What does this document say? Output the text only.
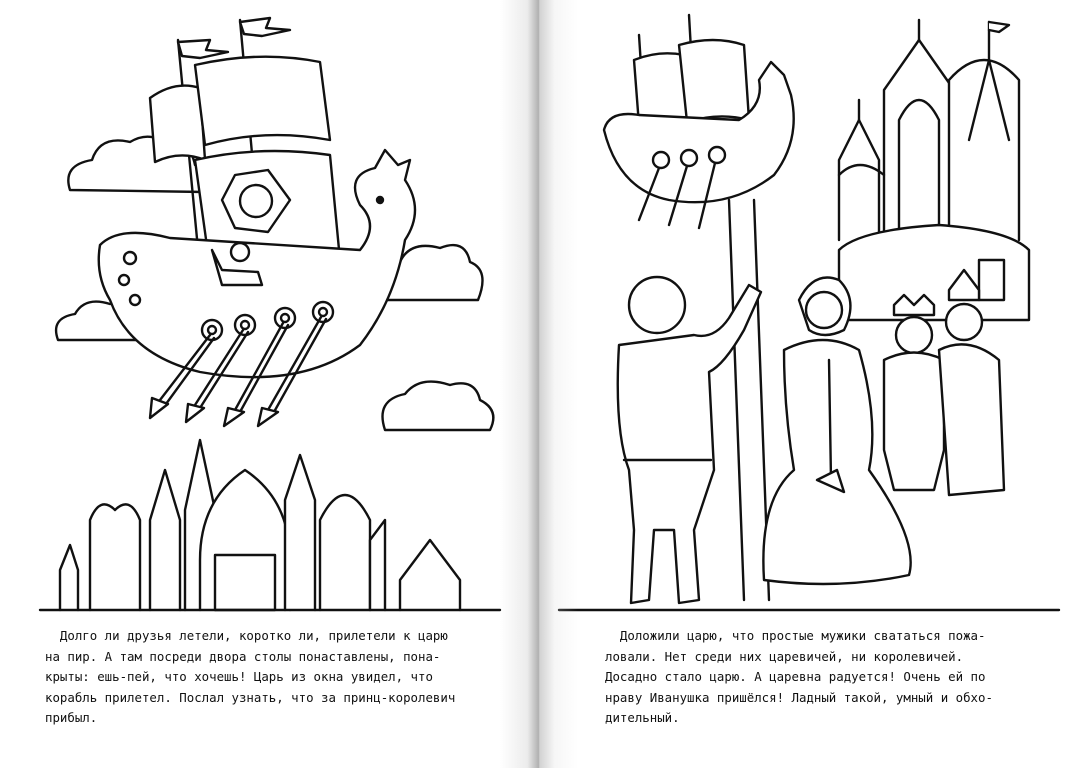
Долго ли друзья летели, коротко ли, прилетели к царю
на пир. А там посреди двора столы понаставлены, пона-
крыты: ешь-пей, что хочешь! Царь из окна увидел, что
корабль прилетел. Послал узнать, что за принц-королевич
прибыл.
Доложили царю, что простые мужики свататься пожа-
ловали. Нет среди них царевичей, ни королевичей.
Досадно стало царю. А царевна радуется! Очень ей по
нраву Иванушка пришёлся! Ладный такой, умный и обхо-
дительный.
